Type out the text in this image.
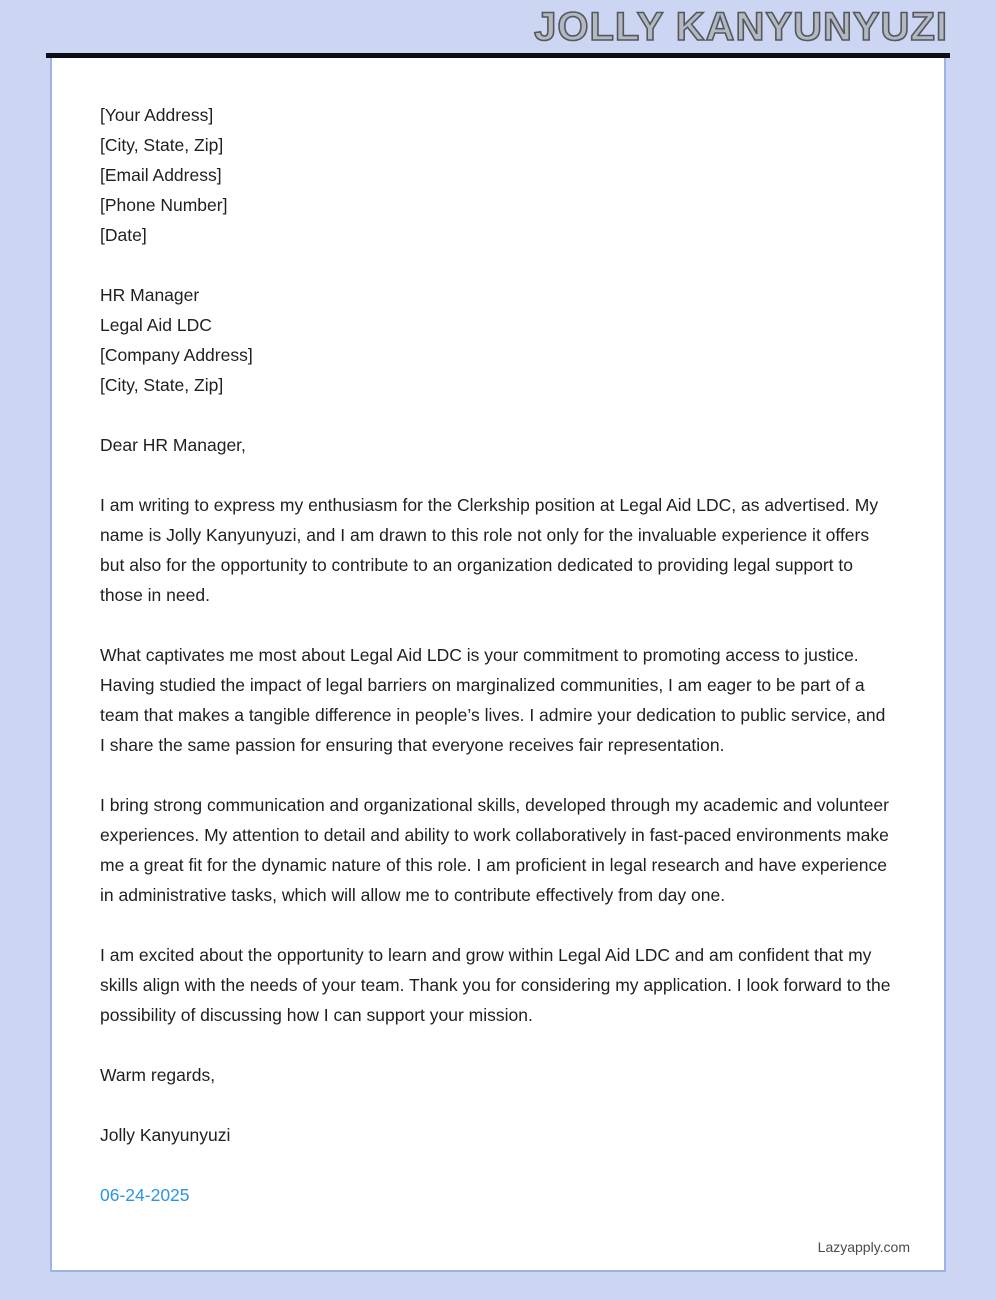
JOLLY KANYUNYUZI
[Your Address]
[City, State, Zip]
[Email Address]
[Phone Number]
[Date]
HR Manager
Legal Aid LDC
[Company Address]
[City, State, Zip]
Dear HR Manager,
I am writing to express my enthusiasm for the Clerkship position at Legal Aid LDC, as advertised. My name is Jolly Kanyunyuzi, and I am drawn to this role not only for the invaluable experience it offers but also for the opportunity to contribute to an organization dedicated to providing legal support to those in need.
What captivates me most about Legal Aid LDC is your commitment to promoting access to justice. Having studied the impact of legal barriers on marginalized communities, I am eager to be part of a team that makes a tangible difference in people’s lives. I admire your dedication to public service, and I share the same passion for ensuring that everyone receives fair representation.
I bring strong communication and organizational skills, developed through my academic and volunteer experiences. My attention to detail and ability to work collaboratively in fast-paced environments make me a great fit for the dynamic nature of this role. I am proficient in legal research and have experience in administrative tasks, which will allow me to contribute effectively from day one.
I am excited about the opportunity to learn and grow within Legal Aid LDC and am confident that my skills align with the needs of your team. Thank you for considering my application. I look forward to the possibility of discussing how I can support your mission.
Warm regards,
Jolly Kanyunyuzi
06-24-2025
Lazyapply.com
